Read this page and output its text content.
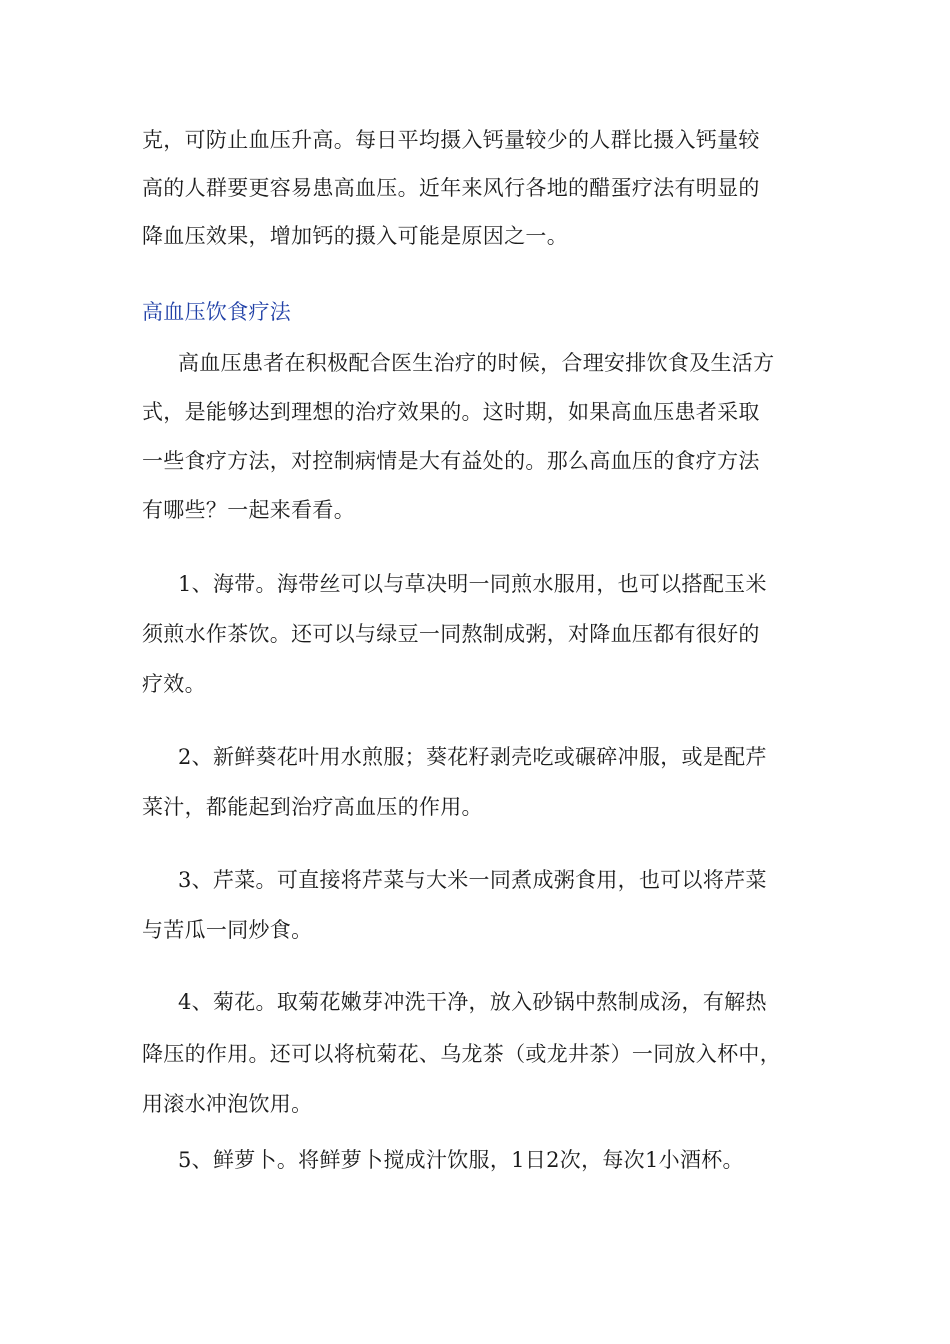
克，可防止血压升高。每日平均摄入钙量较少的人群比摄入钙量较
高的人群要更容易患高血压。近年来风行各地的醋蛋疗法有明显的
降血压效果，增加钙的摄入可能是原因之一。
高血压饮食疗法
高血压患者在积极配合医生治疗的时候，合理安排饮食及生活方
式，是能够达到理想的治疗效果的。这时期，如果高血压患者采取
一些食疗方法，对控制病情是大有益处的。那么高血压的食疗方法
有哪些？一起来看看。
1、海带。海带丝可以与草决明一同煎水服用，也可以搭配玉米
须煎水作茶饮。还可以与绿豆一同熬制成粥，对降血压都有很好的
疗效。
2、新鲜葵花叶用水煎服；葵花籽剥壳吃或碾碎冲服，或是配芹
菜汁，都能起到治疗高血压的作用。
3、芹菜。可直接将芹菜与大米一同煮成粥食用，也可以将芹菜
与苦瓜一同炒食。
4、菊花。取菊花嫩芽冲洗干净，放入砂锅中熬制成汤，有解热
降压的作用。还可以将杭菊花、乌龙茶（或龙井茶）一同放入杯中，
用滚水冲泡饮用。
5、鲜萝卜。将鲜萝卜搅成汁饮服，1日2次，每次1小酒杯。
